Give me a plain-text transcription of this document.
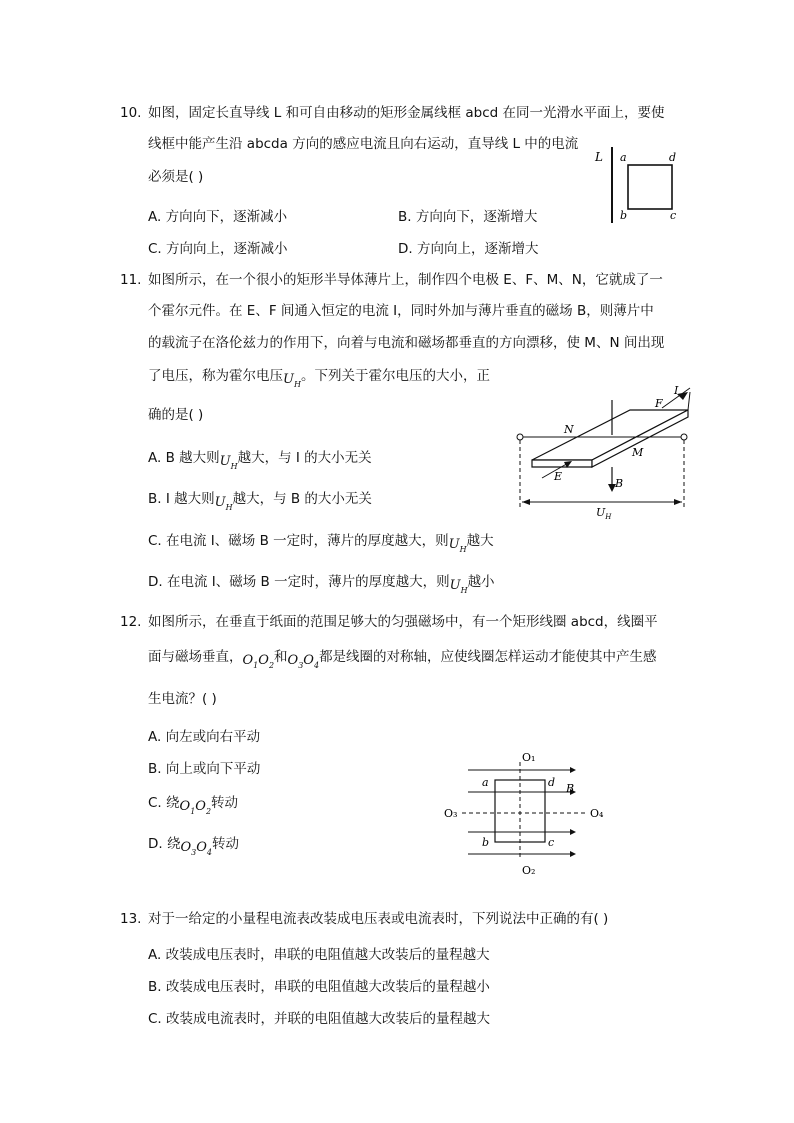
10. 如图，固定长直导线 L 和可自由移动的矩形金属线框 abcd 在同一光滑水平面上，要使
线框中能产生沿 abcda 方向的感应电流且向右运动，直导线 L 中的电流
必须是( )
A. 方向向下，逐渐减小	B. 方向向下，逐渐增大
C. 方向向上，逐渐减小	D. 方向向上，逐渐增大
L a	d
b	c
11. 如图所示，在一个很小的矩形半导体薄片上，制作四个电极 E、F、M、N，它就成了一
个霍尔元件。在 E、F 间通入恒定的电流 I，同时外加与薄片垂直的磁场 B，则薄片中
的载流子在洛伦兹力的作用下，向着与电流和磁场都垂直的方向漂移，使 M、N 间出现
了电压，称为霍尔电压$U_H$。下列关于霍尔电压的大小，正
确的是( )
A. B 越大则$U_H$越大，与 I 的大小无关
B. I 越大则$U_H$越大，与 B 的大小无关
C. 在电流 I、磁场 B 一定时，薄片的厚度越大，则$U_H$越大
D. 在电流 I、磁场 B 一定时，薄片的厚度越大，则$U_H$越小
$U_H$
I
F
N
M
E
B
12. 如图所示，在垂直于纸面的范围足够大的匀强磁场中，有一个矩形线圈 abcd，线圈平
面与磁场垂直，$O_1O_2$和$O_3O_4$都是线圈的对称轴，应使线圈怎样运动才能使其中产生感
生电流？( )
A. 向左或向右平动
B. 向上或向下平动
C. 绕$O_1O_2$转动
D. 绕$O_3O_4$转动
O₁
O₂
O₃	O₄
a	d
b	c
B
13. 对于一给定的小量程电流表改装成电压表或电流表时，下列说法中正确的有( )
A. 改装成电压表时，串联的电阻值越大改装后的量程越大
B. 改装成电压表时，串联的电阻值越大改装后的量程越小
C. 改装成电流表时，并联的电阻值越大改装后的量程越大
